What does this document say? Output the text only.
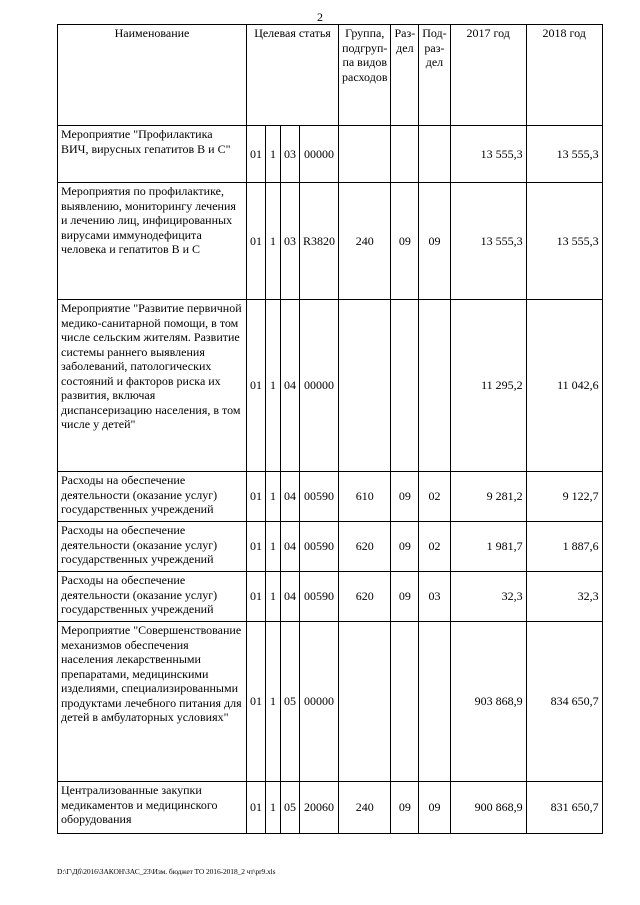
2
Наименование	Целевая статья				Группа, подгруп-па видов расходов	Раз-дел	Под-раз-дел	2017 год	2018 год
Мероприятие "Профилактика ВИЧ, вирусных гепатитов В и С"	01	1	03	00000				13 555,3	13 555,3
Мероприятия по профилактике, выявлению, мониторингу лечения и лечению лиц, инфицированных вирусами иммунодефицита человека и гепатитов В и С	01	1	03	R3820	240	09	09	13 555,3	13 555,3
Мероприятие "Развитие первичной медико-санитарной помощи, в том числе сельским жителям. Развитие системы раннего выявления заболеваний, патологических состояний и факторов риска их развития, включая диспансеризацию населения, в том числе у детей"	01	1	04	00000				11 295,2	11 042,6
Расходы на обеспечение деятельности (оказание услуг) государственных учреждений	01	1	04	00590	610	09	02	9 281,2	9 122,7
Расходы на обеспечение деятельности (оказание услуг) государственных учреждений	01	1	04	00590	620	09	02	1 981,7	1 887,6
Расходы на обеспечение деятельности (оказание услуг) государственных учреждений	01	1	04	00590	620	09	03	32,3	32,3
Мероприятие "Совершенствование механизмов обеспечения населения лекарственными препаратами, медицинскими изделиями, специализированными продуктами лечебного питания для детей в амбулаторных условиях"	01	1	05	00000				903 868,9	834 650,7
Централизованные закупки медикаментов и медицинского оборудования	01	1	05	20060	240	09	09	900 868,9	831 650,7
D:\Г\Дб\2016\ЗАКОН\ЗАС_23\Изм. бюджет ТО 2016-2018_2 чт\pr9.xls
